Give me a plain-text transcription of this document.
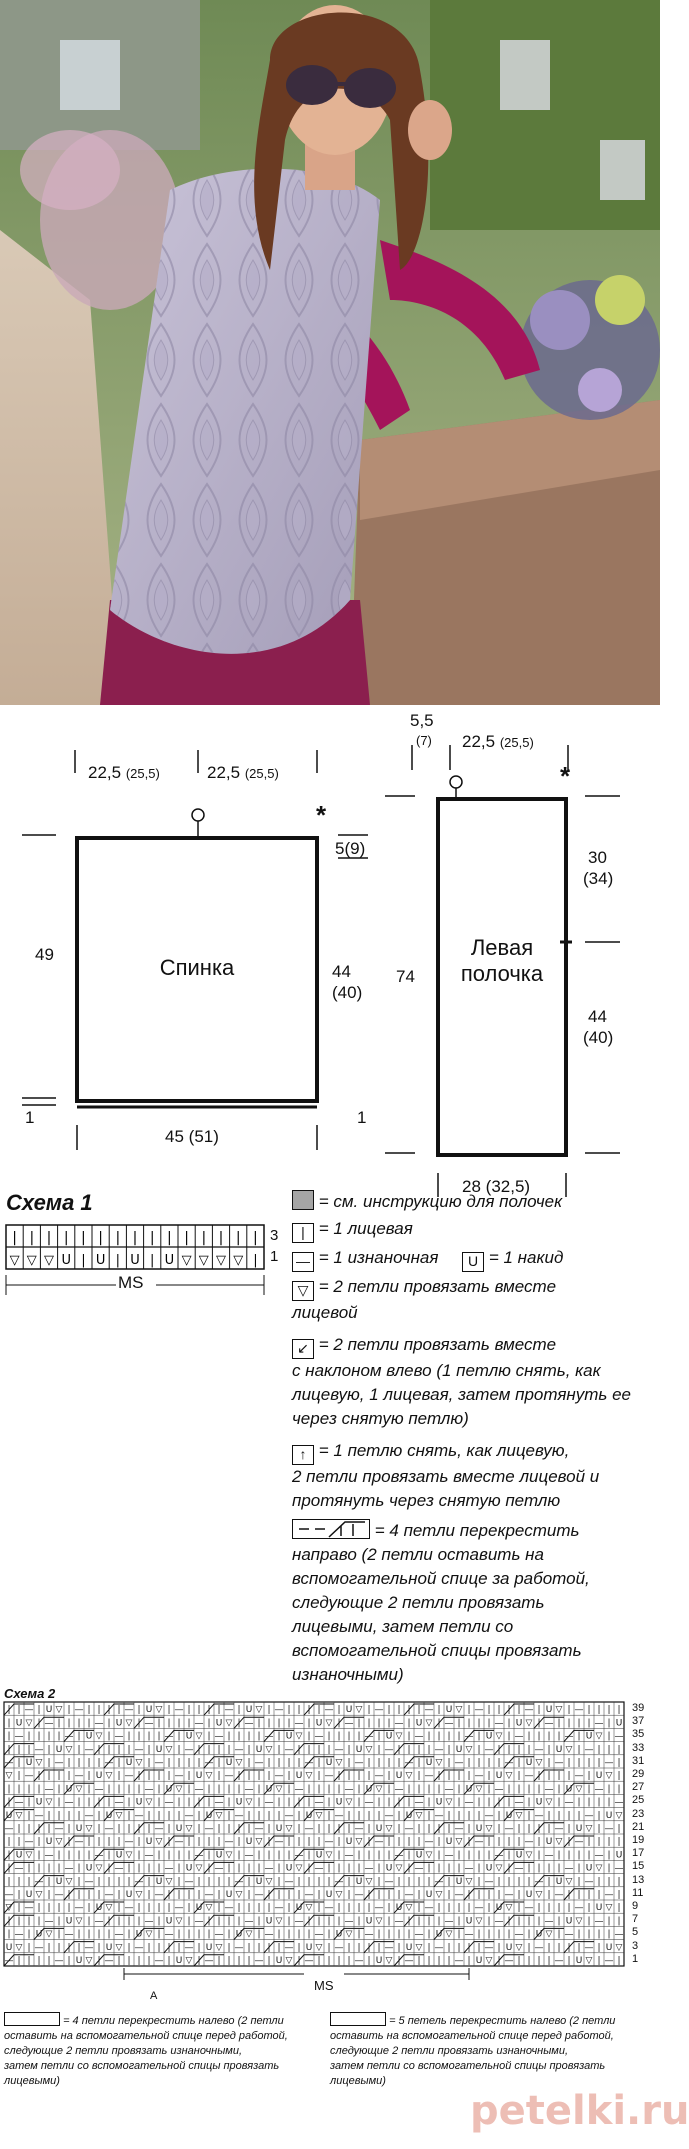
*
22,5 (25,5)	22,5 (25,5)
Спинка
49
44
(40)
5(9)
1	1
45 (51)
*
5,5
(7) 22,5 (25,5)
Левая
полочка
74
30
(34)
44
(40)
28 (32,5)
Схема 1
|
▽
|
▽
|
▽
|
U
|
|
|
U
|
|
|
U
|
|
|
U
|
▽
|
▽
|
▽
|
▽
|
|
3
1
MS
= см. инструкцию для полочек
| = 1 лицевая
— = 1 изнаночная U = 1 накид
▽ = 2 петли провязать вместе
лицевой
↙ = 2 петли провязать вместе
с наклоном влево (1 петлю снять, как
лицевую, 1 лицевая, затем протянуть ее
через снятую петлю)
↑ = 1 петлю снять, как лицевую,
2 петли провязать вместе лицевой и
протянуть через снятую петлю
= 4 петли перекрестить
направо (2 петли оставить на
вспомогательной спице за работой,
следующие 2 петли провязать
лицевыми, затем петли со
вспомогательной спицы провязать
изнаночными)
Схема 2
| | — | U ▽ | — | | | | — | U ▽ | — | | | | — | U ▽ | — | | | | — | U ▽ | — | | | | — | U ▽ | — | | | | — | U ▽ | — | | | |
| U ▽ | — | | | | — | U ▽ | — | | | | — | U ▽ | — | | | | — | U ▽ | — | | | | — | U ▽ | — | | | | — | U ▽ | — | | | | — | U
| — | | | | — | U ▽ | — | | | | — | U ▽ | — | | | | — | U ▽ | — | | | | — | U ▽ | — | | | | — | U ▽ | — | | | | — | U ▽ | —
| | | — | U ▽ | — | | | | — | U ▽ | — | | | | — | U ▽ | — | | | | — | U ▽ | — | | | | — | U ▽ | — | | | | — | U ▽ | — | | |
— | U ▽ | — | | | | — | U ▽ | — | | | | — | U ▽ | — | | | | — | U ▽ | — | | | | — | U ▽ | — | | | | — | U ▽ | — | | | | — |
▽ | — | | | | — | U ▽ | — | | | | — | U ▽ | — | | | | — | U ▽ | — | | | | — | U ▽ | — | | | | — | U ▽ | — | | | | — | U ▽ |
| | | | — | U ▽ | — | | | | — | U ▽ | — | | | | — | U ▽ | — | | | | — | U ▽ | — | | | | — | U ▽ | — | | | | — | U ▽ | — | |
| — | U ▽ | — | | | | — | U ▽ | — | | | | — | U ▽ | — | | | | — | U ▽ | — | | | | — | U ▽ | — | | | | — | U ▽ | — | | | | —
U ▽ | — | | | | — | U ▽ | — | | | | — | U ▽ | — | | | | — | U ▽ | — | | | | — | U ▽ | — | | | | — | U ▽ | — | | | | — | U ▽
— | | | | — | U ▽ | — | | | | — | U ▽ | — | | | | — | U ▽ | — | | | | — | U ▽ | — | | | | — | U ▽ | — | | | | — | U ▽ | — |
| | — | U ▽ | — | | | | — | U ▽ | — | | | | — | U ▽ | — | | | | — | U ▽ | — | | | | — | U ▽ | — | | | | — | U ▽ | — | | | |
| U ▽ | — | | | | — | U ▽ | — | | | | — | U ▽ | — | | | | — | U ▽ | — | | | | — | U ▽ | — | | | | — | U ▽ | — | | | | — | U
| — | | | | — | U ▽ | — | | | | — | U ▽ | — | | | | — | U ▽ | — | | | | — | U ▽ | — | | | | — | U ▽ | — | | | | — | U ▽ | —
| | | — | U ▽ | — | | | | — | U ▽ | — | | | | — | U ▽ | — | | | | — | U ▽ | — | | | | — | U ▽ | — | | | | — | U ▽ | — | | |
— | U ▽ | — | | | | — | U ▽ | — | | | | — | U ▽ | — | | | | — | U ▽ | — | | | | — | U ▽ | — | | | | — | U ▽ | — | | | | — |
▽ | — | | | | — | U ▽ | — | | | | — | U ▽ | — | | | | — | U ▽ | — | | | | — | U ▽ | — | | | | — | U ▽ | — | | | | — | U ▽ |
| | | | — | U ▽ | — | | | | — | U ▽ | — | | | | — | U ▽ | — | | | | — | U ▽ | — | | | | — | U ▽ | — | | | | — | U ▽ | — | |
| — | U ▽ | — | | | | — | U ▽ | — | | | | — | U ▽ | — | | | | — | U ▽ | — | | | | — | U ▽ | — | | | | — | U ▽ | — | | | | —
U ▽ | — | | | | — | U ▽ | — | | | | — | U ▽ | — | | | | — | U ▽ | — | | | | — | U ▽ | — | | | | — | U ▽ | — | | | | — | U ▽
— | | | | — | U ▽ | — | | | | — | U ▽ | — | | | | — | U ▽ | — | | | | — | U ▽ | — | | | | — | U ▽ | — | | | | — | U ▽ | — |
39
37
35
33
31
29
27
25
23
21
19
17
15
13
11
9
7
5
3
1
A
MS
= 4 петли перекрестить налево (2 петли
оставить на вспомогательной спице перед работой,
следующие 2 петли провязать изнаночными,
затем петли со вспомогательной спицы провязать
лицевыми)
= 5 петель перекрестить налево (2 петли
оставить на вспомогательной спице перед работой,
следующие 2 петли провязать изнаночными,
затем петли со вспомогательной спицы провязать
лицевыми)
petelki.ru
